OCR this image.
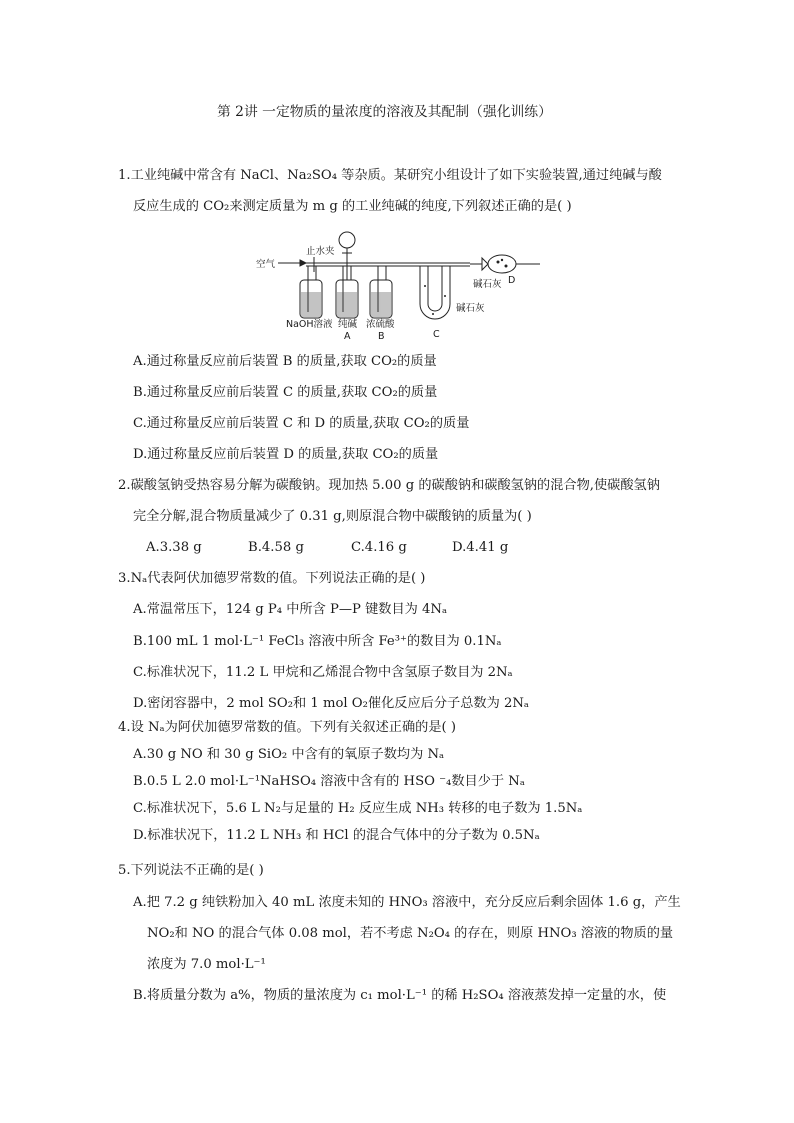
第 2讲 一定物质的量浓度的溶液及其配制（强化训练）
1.工业纯碱中常含有 NaCl、Na₂SO₄ 等杂质。某研究小组设计了如下实验装置,通过纯碱与酸
反应生成的 CO₂来测定质量为 m g 的工业纯碱的纯度,下列叙述正确的是( )
空气
止水夹
NaOH溶液 纯碱 浓硫酸
A	B	C
D
碱石灰
碱石灰
A.通过称量反应前后装置 B 的质量,获取 CO₂的质量
B.通过称量反应前后装置 C 的质量,获取 CO₂的质量
C.通过称量反应前后装置 C 和 D 的质量,获取 CO₂的质量
D.通过称量反应前后装置 D 的质量,获取 CO₂的质量
2.碳酸氢钠受热容易分解为碳酸钠。现加热 5.00 g 的碳酸钠和碳酸氢钠的混合物,使碳酸氢钠
完全分解,混合物质量减少了 0.31 g,则原混合物中碳酸钠的质量为( )
A.3.38 g	B.4.58 g	C.4.16 g	D.4.41 g
3.Nₐ代表阿伏加德罗常数的值。下列说法正确的是( )
A.常温常压下，124 g P₄ 中所含 P—P 键数目为 4Nₐ
B.100 mL 1 mol·L⁻¹ FeCl₃ 溶液中所含 Fe³⁺的数目为 0.1Nₐ
C.标准状况下，11.2 L 甲烷和乙烯混合物中含氢原子数目为 2Nₐ
D.密闭容器中，2 mol SO₂和 1 mol O₂催化反应后分子总数为 2Nₐ
4.设 Nₐ为阿伏加德罗常数的值。下列有关叙述正确的是( )
A.30 g NO 和 30 g SiO₂ 中含有的氧原子数均为 Nₐ
B.0.5 L 2.0 mol·L⁻¹NaHSO₄ 溶液中含有的 HSO ⁻₄数目少于 Nₐ
C.标准状况下，5.6 L N₂与足量的 H₂ 反应生成 NH₃ 转移的电子数为 1.5Nₐ
D.标准状况下，11.2 L NH₃ 和 HCl 的混合气体中的分子数为 0.5Nₐ
5.下列说法不正确的是( )
A.把 7.2 g 纯铁粉加入 40 mL 浓度未知的 HNO₃ 溶液中，充分反应后剩余固体 1.6 g，产生
NO₂和 NO 的混合气体 0.08 mol，若不考虑 N₂O₄ 的存在，则原 HNO₃ 溶液的物质的量
浓度为 7.0 mol·L⁻¹
B.将质量分数为 a%，物质的量浓度为 c₁ mol·L⁻¹ 的稀 H₂SO₄ 溶液蒸发掉一定量的水，使
